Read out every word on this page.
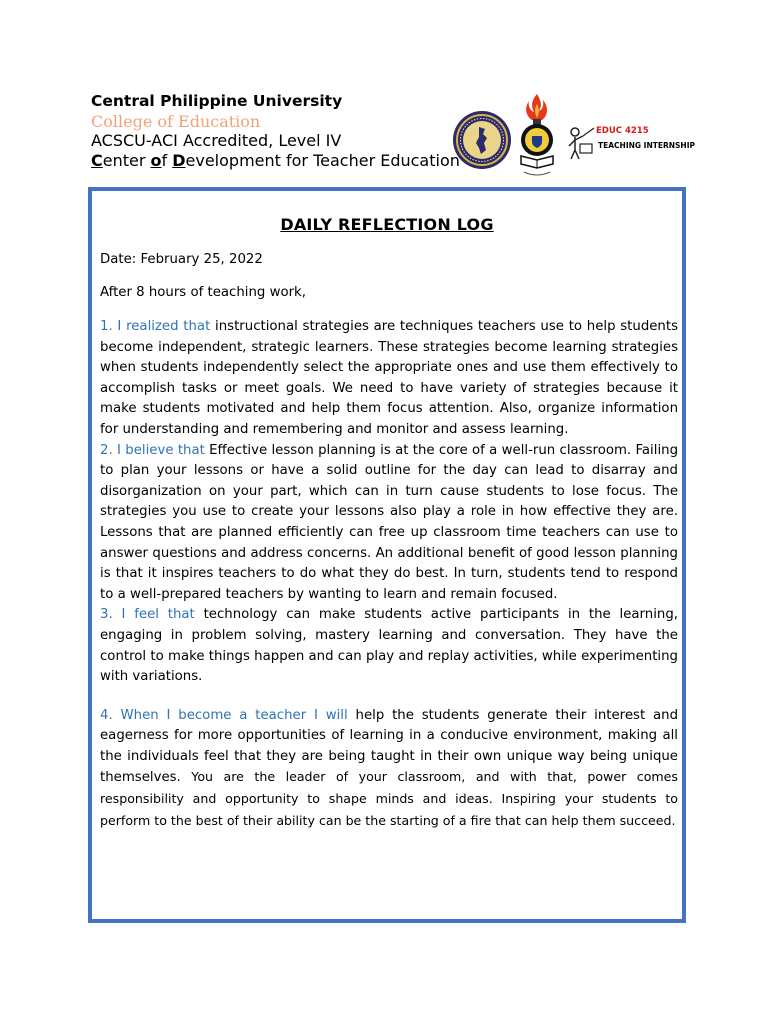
Central Philippine University
College of Education
ACSCU-ACI Accredited, Level IV
Center of Development for Teacher Education
EDUC 4215
TEACHING INTERNSHIP
DAILY REFLECTION LOG
Date: February 25, 2022
After 8 hours of teaching work,

1. I realized that instructional strategies are techniques teachers use to help students become independent, strategic learners. These strategies become learning strategies when students independently select the appropriate ones and use them effectively to accomplish tasks or meet goals. We need to have variety of strategies because it make students motivated and help them focus attention. Also, organize information for understanding and remembering and monitor and assess learning.

2. I believe that Effective lesson planning is at the core of a well-run classroom. Failing to plan your lessons or have a solid outline for the day can lead to disarray and disorganization on your part, which can in turn cause students to lose focus. The strategies you use to create your lessons also play a role in how effective they are. Lessons that are planned efficiently can free up classroom time teachers can use to answer questions and address concerns. An additional benefit of good lesson planning is that it inspires teachers to do what they do best. In turn, students tend to respond to a well-prepared teachers by wanting to learn and remain focused.

3. I feel that technology can make students active participants in the learning, engaging in problem solving, mastery learning and conversation. They have the control to make things happen and can play and replay activities, while experimenting with variations.

4. When I become a teacher I will help the students generate their interest and eagerness for more opportunities of learning in a conducive environment, making all the individuals feel that they are being taught in their own unique way being unique themselves. You are the leader of your classroom, and with that, power comes responsibility and opportunity to shape minds and ideas. Inspiring your students to perform to the best of their ability can be the starting of a fire that can help them succeed.
